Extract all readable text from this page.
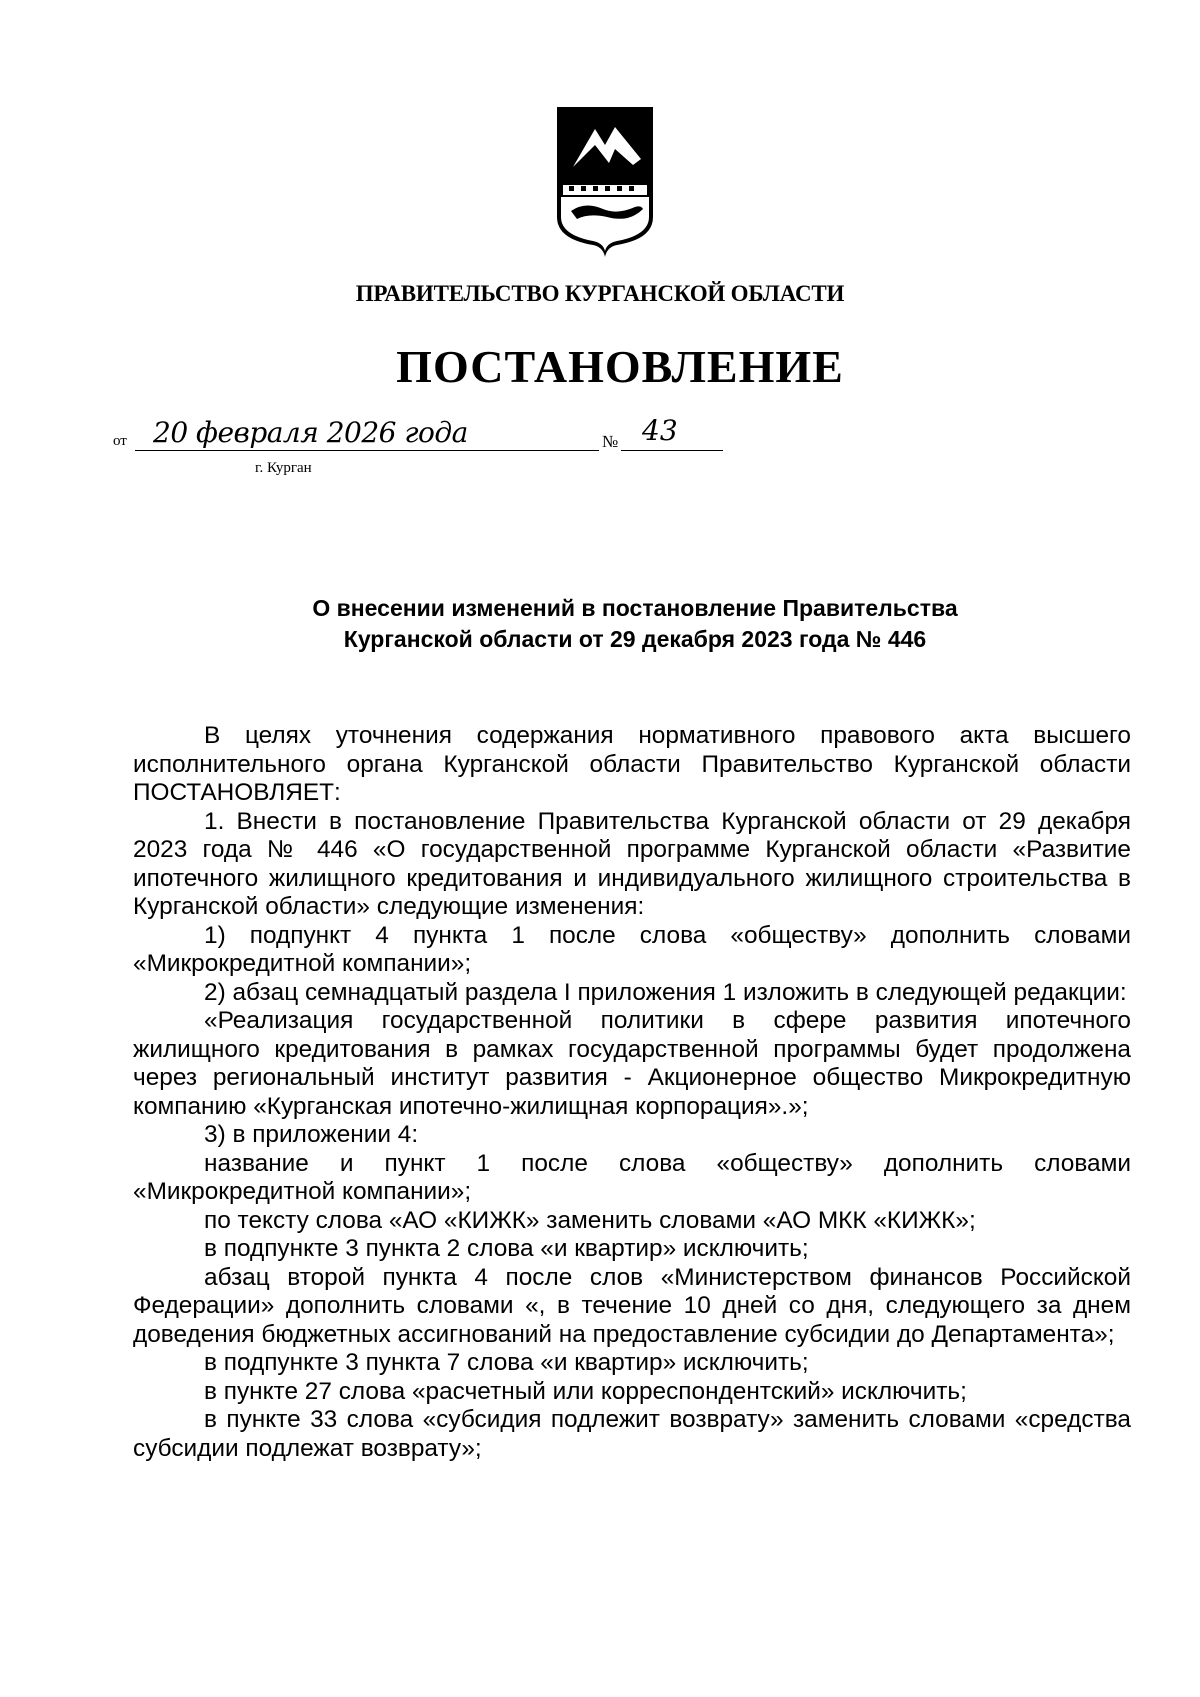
ПРАВИТЕЛЬСТВО КУРГАНСКОЙ ОБЛАСТИ
ПОСТАНОВЛЕНИЕ
от 20 февраля 2026 года	№ 43
г. Курган
О внесении изменений в постановление Правительства
Курганской области от 29 декабря 2023 года № 446

В целях уточнения содержания нормативного правового акта высшего исполнительного органа Курганской области Правительство Курганской области ПОСТАНОВЛЯЕТ:

1. Внести в постановление Правительства Курганской области от 29 декабря 2023 года № 446 «О государственной программе Курганской области «Развитие ипотечного жилищного кредитования и индивидуального жилищного строительства в Курганской области» следующие изменения:

1) подпункт 4 пункта 1 после слова «обществу» дополнить словами «Микрокредитной компании»;

2) абзац семнадцатый раздела I приложения 1 изложить в следующей редакции:

«Реализация государственной политики в сфере развития ипотечного жилищного кредитования в рамках государственной программы будет продолжена через региональный институт развития - Акционерное общество Микрокредитную компанию «Курганская ипотечно-жилищная корпорация».»;

3) в приложении 4:

название и пункт 1 после слова «обществу» дополнить словами «Микрокредитной компании»;

по тексту слова «АО «КИЖК» заменить словами «АО МКК «КИЖК»;

в подпункте 3 пункта 2 слова «и квартир» исключить;

абзац второй пункта 4 после слов «Министерством финансов Российской Федерации» дополнить словами «, в течение 10 дней со дня, следующего за днем доведения бюджетных ассигнований на предоставление субсидии до Департамента»;

в подпункте 3 пункта 7 слова «и квартир» исключить;

в пункте 27 слова «расчетный или корреспондентский» исключить;

в пункте 33 слова «субсидия подлежит возврату» заменить словами «средства субсидии подлежат возврату»;
